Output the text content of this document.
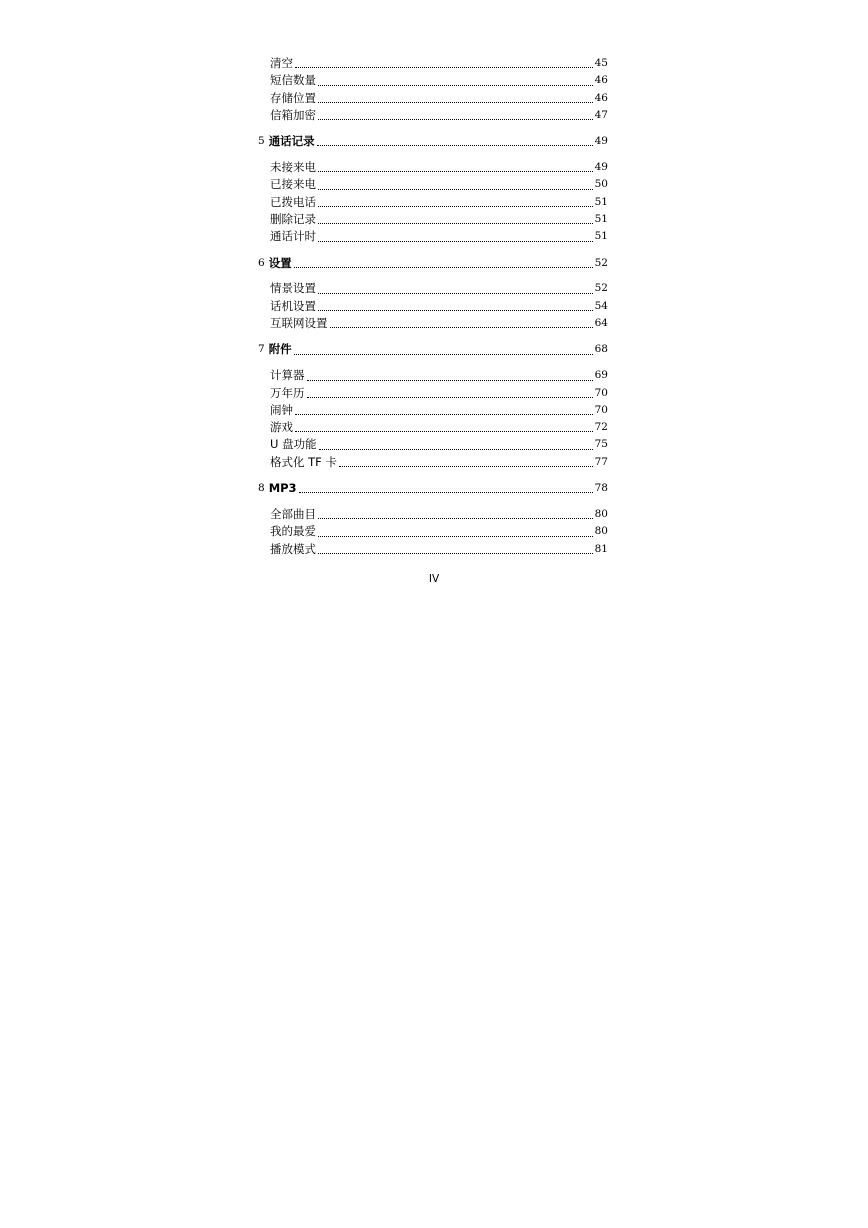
清空	45
短信数量	46
存储位置	46
信箱加密	47
5 通话记录	49
未接来电	49
已接来电	50
已拨电话	51
删除记录	51
通话计时	51
6 设置	52
情景设置	52
话机设置	54
互联网设置	64
7 附件	68
计算器	69
万年历	70
闹钟	70
游戏	72
U 盘功能	75
格式化 TF 卡	77
8 MP3	78
全部曲目	80
我的最爱	80
播放模式	81
IV
